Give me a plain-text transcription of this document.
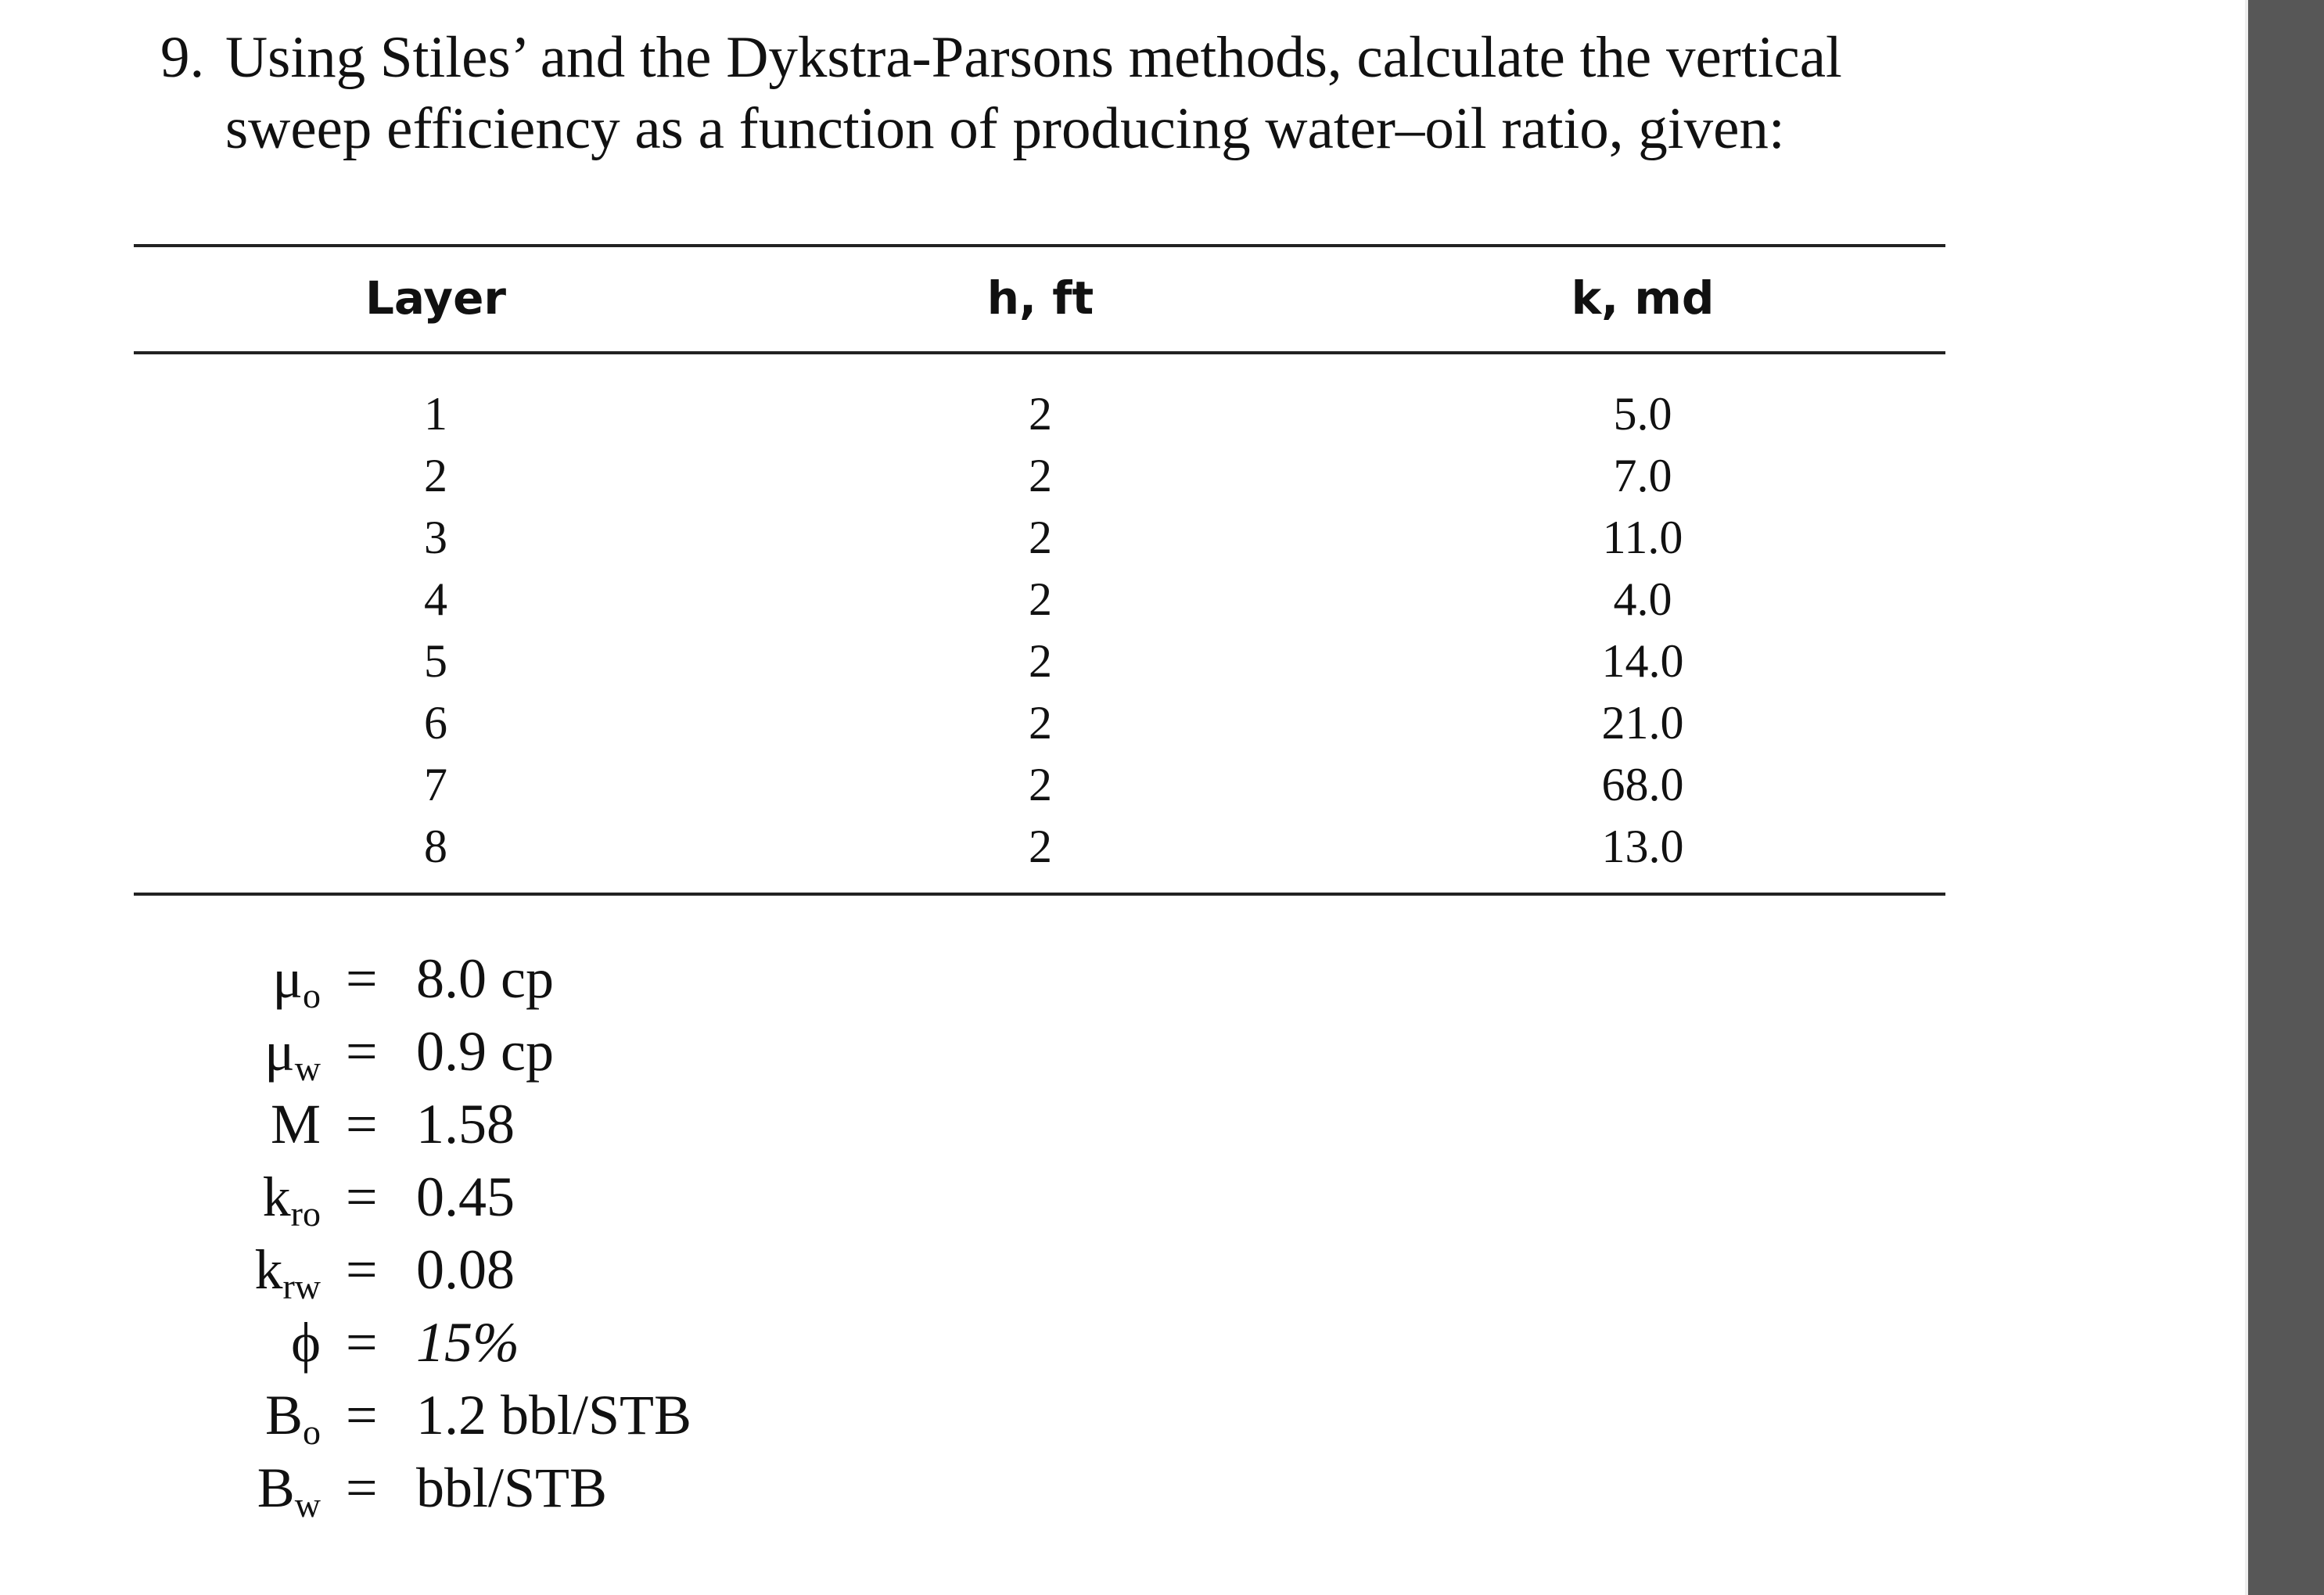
9. Using Stiles’ and the Dykstra-Parsons methods, calculate the vertical
sweep efficiency as a function of producing water–oil ratio, given:
Layer	h, ft	k, md
1	2	5.0
2	2	7.0
3	2	11.0
4	2	4.0
5	2	14.0
6	2	21.0
7	2	68.0
8	2	13.0
$\mu_o = 8.0$ cp
$\mu_w = 0.9$ cp
M = 1.58
$k_{ro} = 0.45$
$k_{rw} = 0.08$
ϕ = 15%
$B_o = 1.2$ bbl/STB
$B_w = bbl/STB$
